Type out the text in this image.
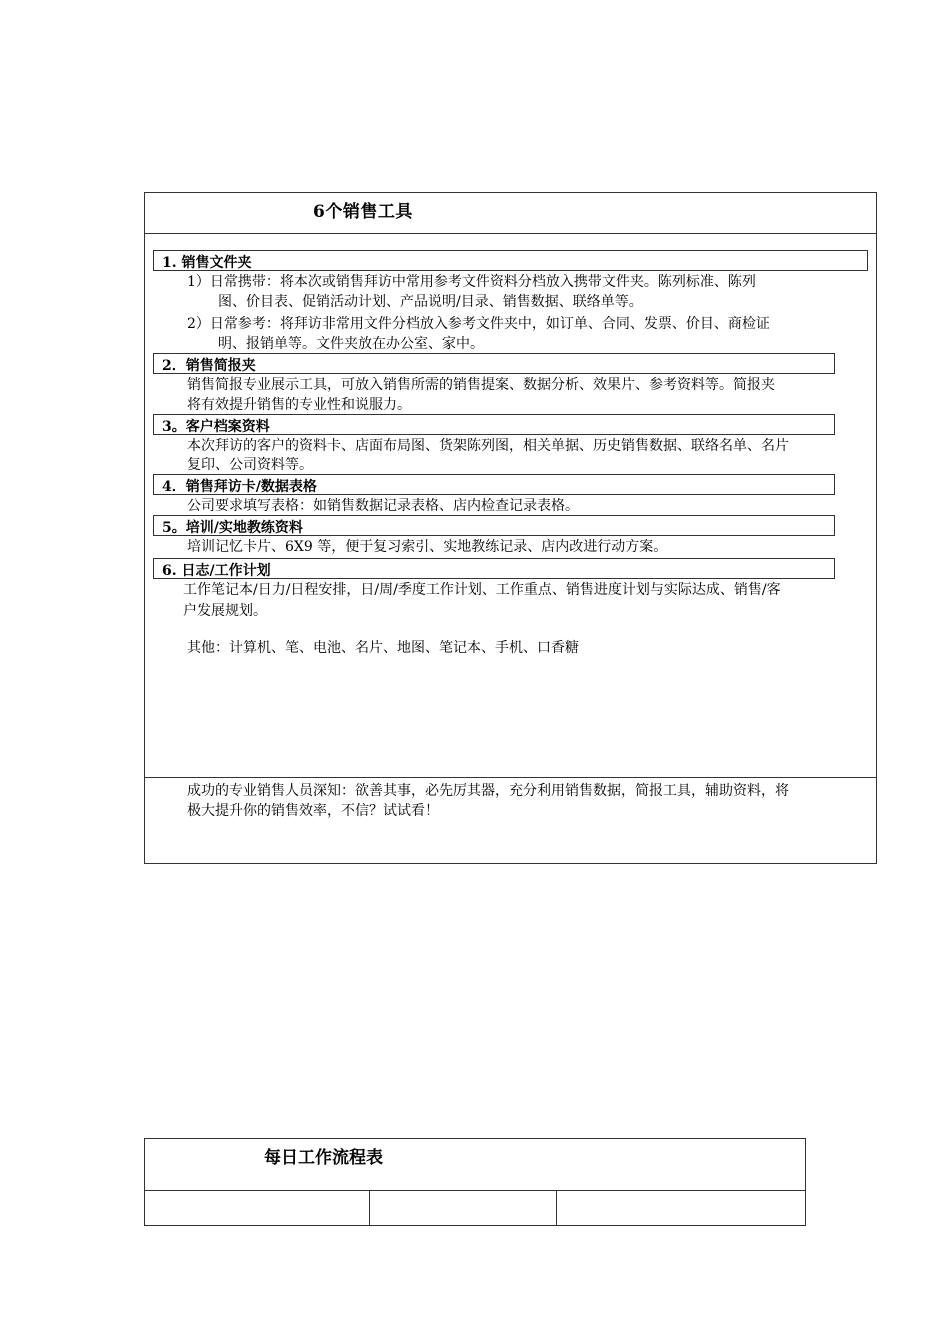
6个销售工具
1. 销售文件夹
1）日常携带：将本次或销售拜访中常用参考文件资料分档放入携带文件夹。陈列标准、陈列
图、价目表、促销活动计划、产品说明/目录、销售数据、联络单等。
2）日常参考：将拜访非常用文件分档放入参考文件夹中，如订单、合同、发票、价目、商检证
明、报销单等。文件夹放在办公室、家中。
2．销售简报夹
销售简报专业展示工具，可放入销售所需的销售提案、数据分析、效果片、参考资料等。简报夹
将有效提升销售的专业性和说服力。
3。客户档案资料
本次拜访的客户的资料卡、店面布局图、货架陈列图，相关单据、历史销售数据、联络名单、名片
复印、公司资料等。
4．销售拜访卡/数据表格
公司要求填写表格：如销售数据记录表格、店内检查记录表格。
5。培训/实地教练资料
培训记忆卡片、6X9 等，便于复习索引、实地教练记录、店内改进行动方案。
6. 日志/工作计划
工作笔记本/日力/日程安排，日/周/季度工作计划、工作重点、销售进度计划与实际达成、销售/客
户发展规划。
其他：计算机、笔、电池、名片、地图、笔记本、手机、口香糖
成功的专业销售人员深知：欲善其事，必先厉其器，充分利用销售数据，简报工具，辅助资料，将
极大提升你的销售效率，不信？试试看！
每日工作流程表
